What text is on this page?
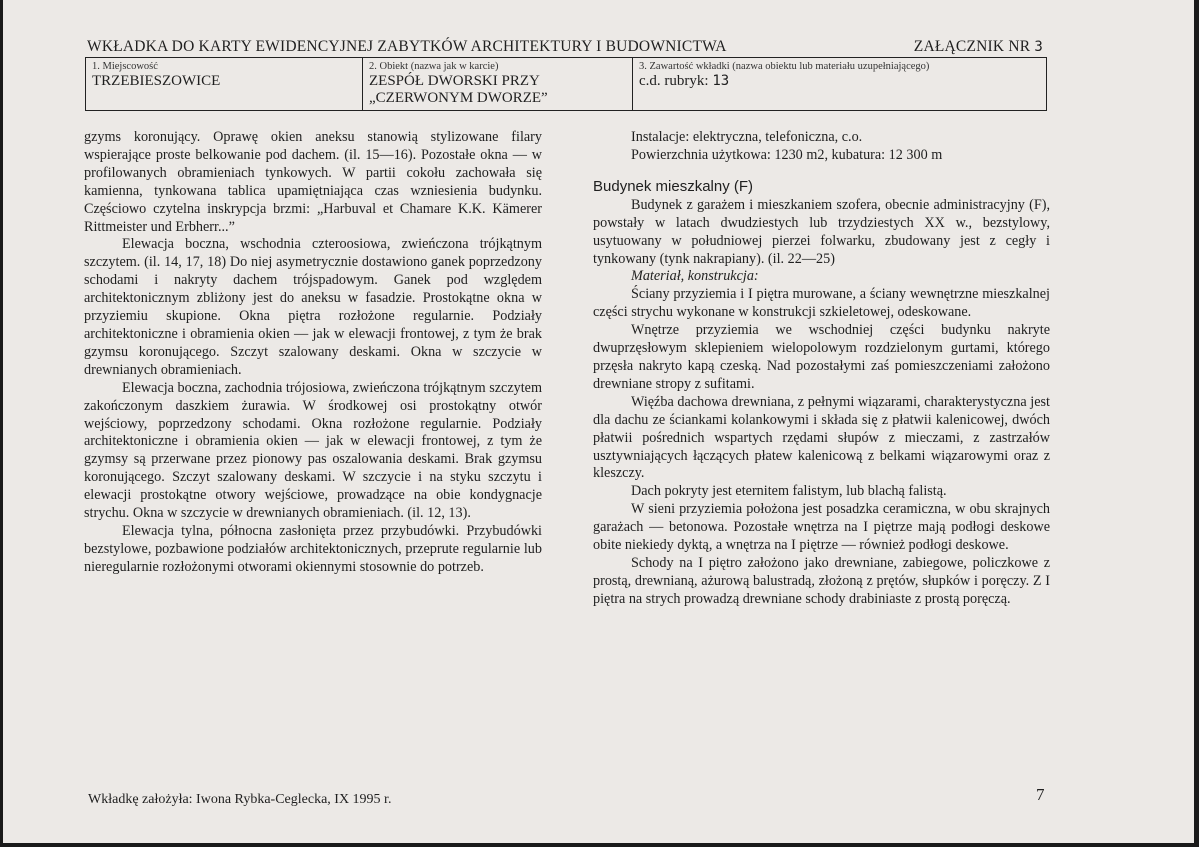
WKŁADKA DO KARTY EWIDENCYJNEJ ZABYTKÓW ARCHITEKTURY I BUDOWNICTWA	ZAŁĄCZNIK NR 3
1. Miejscowość
TRZEBIESZOWICE
2. Obiekt (nazwa jak w karcie)
ZESPÓŁ DWORSKI PRZY
„CZERWONYM DWORZE”
3. Zawartość wkładki (nazwa obiektu lub materiału uzupełniającego)
c.d. rubryk: 13

gzyms koronujący. Oprawę okien aneksu stanowią stylizowane filary wspierające proste belkowanie pod dachem. (il. 15—16). Pozostałe okna — w profilowanych obramieniach tynkowych. W partii cokołu zachowała się kamienna, tynkowana tablica upamiętniająca czas wzniesienia budynku. Częściowo czytelna inskrypcja brzmi: „Harbuval et Chamare K.K. Kämerer Rittmeister und Erbherr...”

Elewacja boczna, wschodnia czteroosiowa, zwieńczona trójkątnym szczytem. (il. 14, 17, 18) Do niej asymetrycznie dostawiono ganek poprzedzony schodami i nakryty dachem trójspadowym. Ganek pod względem architektonicznym zbliżony jest do aneksu w fasadzie. Prostokątne okna w przyziemiu skupione. Okna piętra rozłożone regularnie. Podziały architektoniczne i obramienia okien — jak w elewacji frontowej, z tym że brak gzymsu koronującego. Szczyt szalowany deskami. Okna w szczycie w drewnianych obramieniach.

Elewacja boczna, zachodnia trójosiowa, zwieńczona trójkątnym szczytem zakończonym daszkiem żurawia. W środkowej osi prostokątny otwór wejściowy, poprzedzony schodami. Okna rozłożone regularnie. Podziały architektoniczne i obramienia okien — jak w elewacji frontowej, z tym że gzymsy są przerwane przez pionowy pas oszalowania deskami. Brak gzymsu koronującego. Szczyt szalowany deskami. W szczycie i na styku szczytu i elewacji prostokątne otwory wejściowe, prowadzące na obie kondygnacje strychu. Okna w szczycie w drewnianych obramieniach. (il. 12, 13).

Elewacja tylna, północna zasłonięta przez przybudówki. Przybudówki bezstylowe, pozbawione podziałów architektonicznych, przeprute regularnie lub nieregularnie rozłożonymi otworami okiennymi stosownie do potrzeb.

Instalacje: elektryczna, telefoniczna, c.o.

Powierzchnia użytkowa: 1230 m2, kubatura: 12 300 m

Budynek mieszkalny (F)

Budynek z garażem i mieszkaniem szofera, obecnie administracyjny (F), powstały w latach dwudziestych lub trzydziestych XX w., bezstylowy, usytuowany w południowej pierzei folwarku, zbudowany jest z cegły i tynkowany (tynk nakrapiany). (il. 22—25)

Materiał, konstrukcja:

Ściany przyziemia i I piętra murowane, a ściany wewnętrzne mieszkalnej części strychu wykonane w konstrukcji szkieletowej, odeskowane.

Wnętrze przyziemia we wschodniej części budynku nakryte dwuprzęsłowym sklepieniem wielopolowym rozdzielonym gurtami, którego przęsła nakryto kapą czeską. Nad pozostałymi zaś pomieszczeniami założono drewniane stropy z sufitami.

Więźba dachowa drewniana, z pełnymi wiązarami, charakterystyczna jest dla dachu ze ściankami kolankowymi i składa się z płatwii kalenicowej, dwóch płatwii pośrednich wspartych rzędami słupów z mieczami, z zastrzałów usztywniających łączących płatew kalenicową z belkami wiązarowymi oraz z kleszczy.

Dach pokryty jest eternitem falistym, lub blachą falistą.

W sieni przyziemia położona jest posadzka ceramiczna, w obu skrajnych garażach — betonowa. Pozostałe wnętrza na I piętrze mają podłogi deskowe obite niekiedy dyktą, a wnętrza na I piętrze — również podłogi deskowe.

Schody na I piętro założono jako drewniane, zabiegowe, policzkowe z prostą, drewnianą, ażurową balustradą, złożoną z prętów, słupków i poręczy. Z I piętra na strych prowadzą drewniane schody drabiniaste z prostą poręczą.

Wkładkę założyła: Iwona Rybka-Ceglecka, IX 1995 r.	7
